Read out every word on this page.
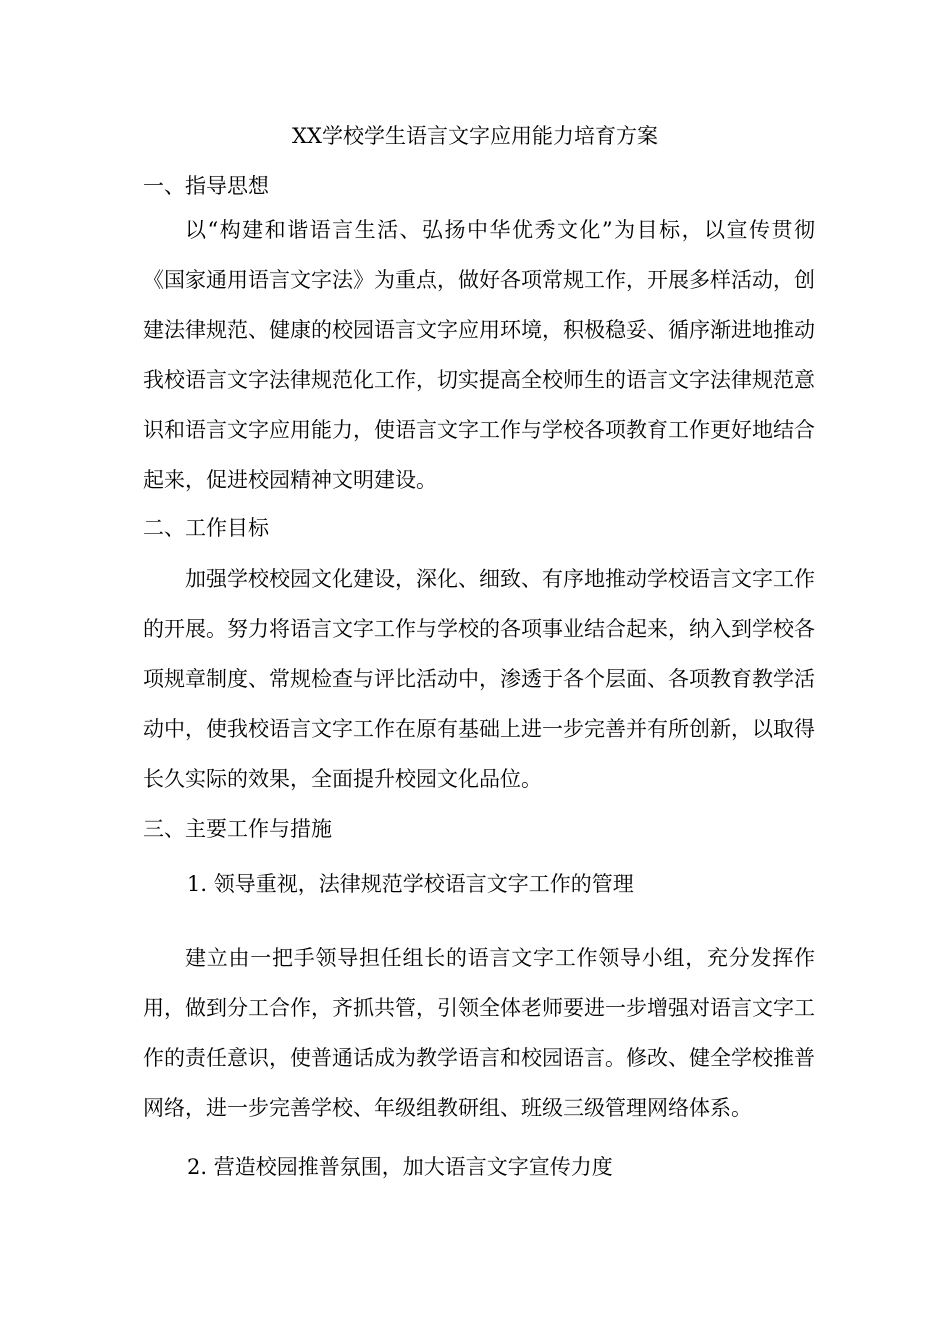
XX学校学生语言文字应用能力培育方案
一、指导思想

以“构建和谐语言生活、弘扬中华优秀文化”为目标，以宣传贯彻《国家通用语言文字法》为重点，做好各项常规工作，开展多样活动，创建法律规范、健康的校园语言文字应用环境，积极稳妥、循序渐进地推动我校语言文字法律规范化工作，切实提高全校师生的语言文字法律规范意识和语言文字应用能力，使语言文字工作与学校各项教育工作更好地结合起来，促进校园精神文明建设。

二、工作目标

加强学校校园文化建设，深化、细致、有序地推动学校语言文字工作的开展。努力将语言文字工作与学校的各项事业结合起来，纳入到学校各项规章制度、常规检查与评比活动中，渗透于各个层面、各项教育教学活动中，使我校语言文字工作在原有基础上进一步完善并有所创新，以取得长久实际的效果，全面提升校园文化品位。

三、主要工作与措施
1. 领导重视，法律规范学校语言文字工作的管理

建立由一把手领导担任组长的语言文字工作领导小组，充分发挥作用，做到分工合作，齐抓共管，引领全体老师要进一步增强对语言文字工作的责任意识，使普通话成为教学语言和校园语言。修改、健全学校推普网络，进一步完善学校、年级组教研组、班级三级管理网络体系。

2. 营造校园推普氛围，加大语言文字宣传力度
